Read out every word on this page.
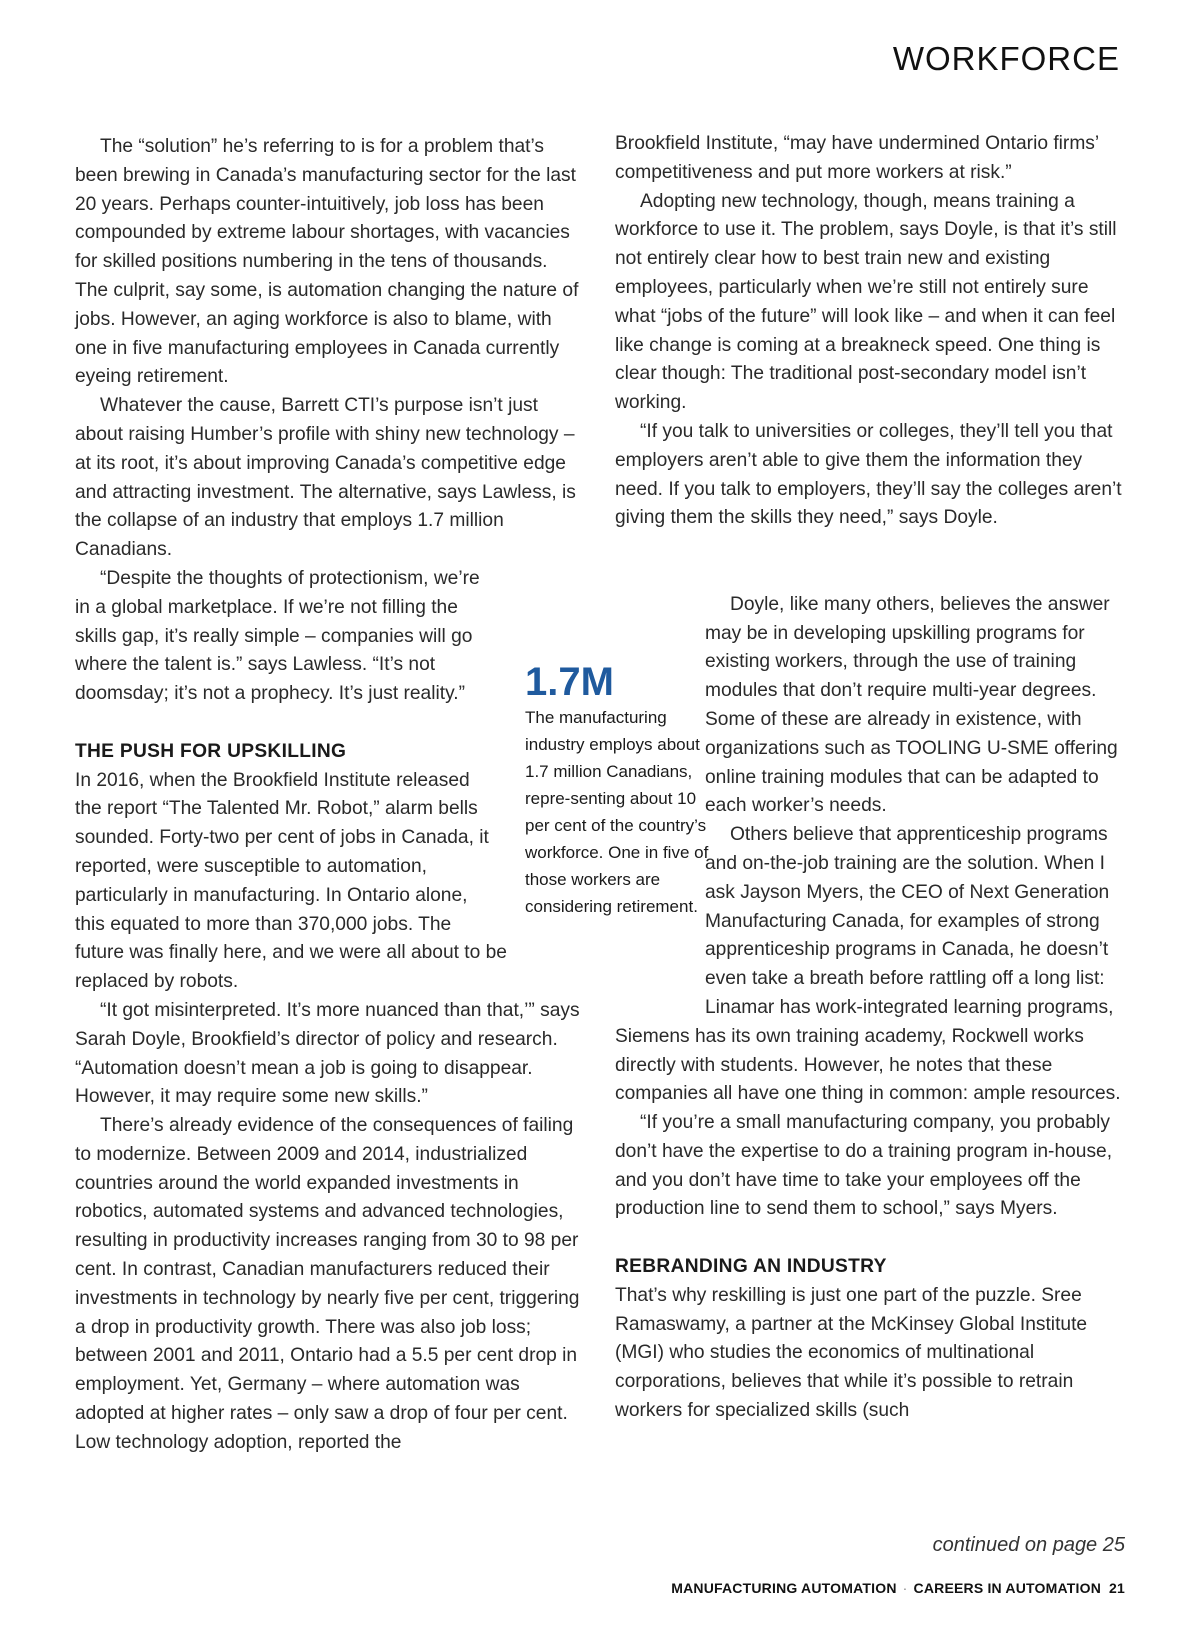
WORKFORCE

The “solution” he’s referring to is for a problem that’s been brewing in Canada’s manufacturing sector for the last 20 years. Perhaps counter-intuitively, job loss has been compounded by extreme labour shortages, with vacancies for skilled positions numbering in the tens of thousands. The culprit, say some, is automation changing the nature of jobs. However, an aging workforce is also to blame, with one in five manufacturing employees in Canada currently eyeing retirement.

Whatever the cause, Barrett CTI’s purpose isn’t just about raising Humber’s profile with shiny new technology – at its root, it’s about improving Canada’s competitive edge and attracting investment. The alternative, says Lawless, is the collapse of an industry that employs 1.7 million Canadians.

“Despite the thoughts of protectionism, we’re in a global marketplace. If we’re not filling the skills gap, it’s really simple – companies will go where the talent is.” says Lawless. “It’s not doomsday; it’s not a prophecy. It’s just reality.”

THE PUSH FOR UPSKILLING

In 2016, when the Brookfield Institute released the report “The Talented Mr. Robot,” alarm bells sounded. Forty-two per cent of jobs in Canada, it reported, were susceptible to automation, particularly in manufacturing. In Ontario alone, this equated to more than 370,000 jobs. The future was finally here, and we were all about to be replaced by robots.

“It got misinterpreted. It’s more nuanced than that,’” says Sarah Doyle, Brookfield’s director of policy and research. “Automation doesn’t mean a job is going to disappear. However, it may require some new skills.”

There’s already evidence of the consequences of failing to modernize. Between 2009 and 2014, industrialized countries around the world expanded investments in robotics, automated systems and advanced technologies, resulting in productivity increases ranging from 30 to 98 per cent. In contrast, Canadian manufacturers reduced their investments in technology by nearly five per cent, triggering a drop in productivity growth. There was also job loss; between 2001 and 2011, Ontario had a 5.5 per cent drop in employment. Yet, Germany – where automation was adopted at higher rates – only saw a drop of four per cent. Low technology adoption, reported the

1.7M
The manufacturing industry employs about 1.7 million Canadians, repre-senting about 10 per cent of the country’s workforce. One in five of those workers are considering retirement.

Brookfield Institute, “may have undermined Ontario firms’ competitiveness and put more workers at risk.”

Adopting new technology, though, means training a workforce to use it. The problem, says Doyle, is that it’s still not entirely clear how to best train new and existing employees, particularly when we’re still not entirely sure what “jobs of the future” will look like – and when it can feel like change is coming at a breakneck speed. One thing is clear though: The traditional post-secondary model isn’t working.

“If you talk to universities or colleges, they’ll tell you that employers aren’t able to give them the information they need. If you talk to employers, they’ll say the colleges aren’t giving them the skills they need,” says Doyle.

Doyle, like many others, believes the answer may be in developing upskilling programs for existing workers, through the use of training modules that don’t require multi-year degrees. Some of these are already in existence, with organizations such as TOOLING U-SME offering online training modules that can be adapted to each worker’s needs.

Others believe that apprenticeship programs and on-the-job training are the solution. When I ask Jayson Myers, the CEO of Next Generation Manufacturing Canada, for examples of strong apprenticeship programs in Canada, he doesn’t even take a breath before rattling off a long list: Linamar has work-integrated learning programs, Siemens has its own training academy, Rockwell works directly with students. However, he notes that these companies all have one thing in common: ample resources.

“If you’re a small manufacturing company, you probably don’t have the expertise to do a training program in-house, and you don’t have time to take your employees off the production line to send them to school,” says Myers.

REBRANDING AN INDUSTRY

That’s why reskilling is just one part of the puzzle. Sree Ramaswamy, a partner at the McKinsey Global Institute (MGI) who studies the economics of multinational corporations, believes that while it’s possible to retrain workers for specialized skills (such

continued on page 25
MANUFACTURING AUTOMATION · CAREERS IN AUTOMATION 21
